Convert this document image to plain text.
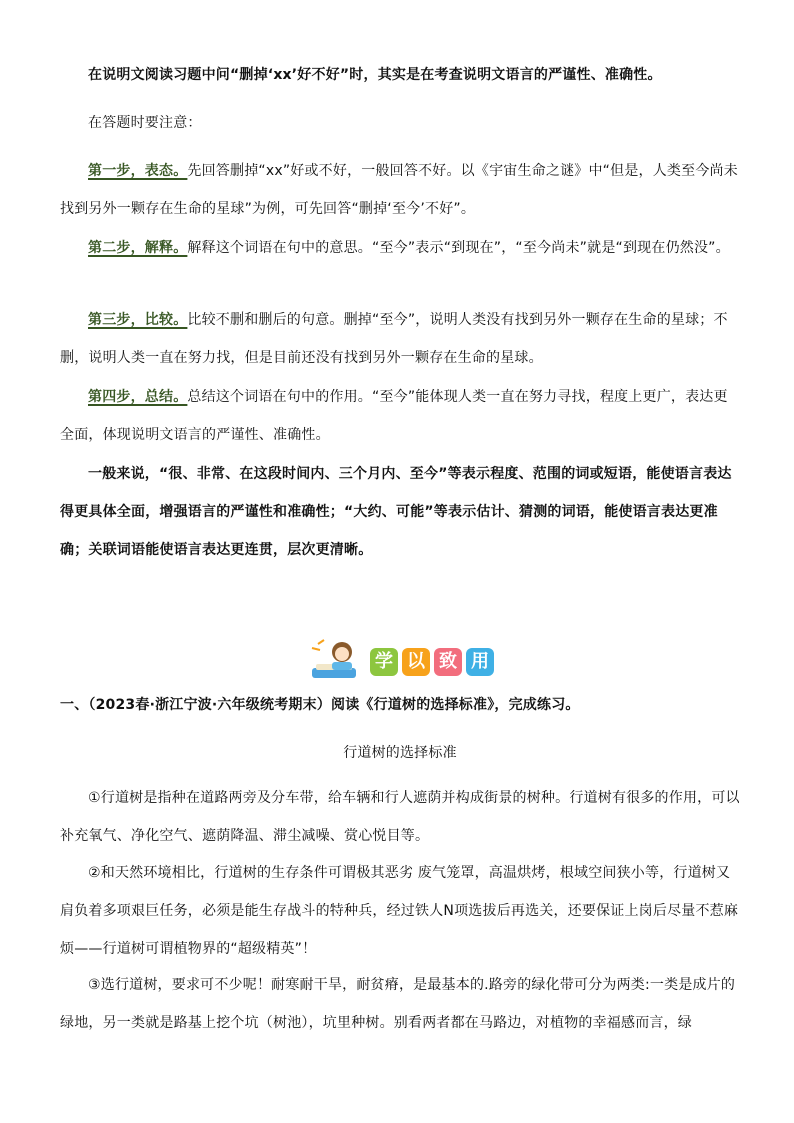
在说明文阅读习题中问“删掉‘xx’好不好”时，其实是在考查说明文语言的严谨性、准确性。
在答题时要注意：
第一步，表态。先回答删掉“xx”好或不好，一般回答不好。以《宇宙生命之谜》中“但是，人类至今尚未找到另外一颗存在生命的星球”为例，可先回答“删掉‘至今’不好”。
第二步，解释。解释这个词语在句中的意思。“至今”表示“到现在”，“至今尚未”就是“到现在仍然没”。
第三步，比较。比较不删和删后的句意。删掉“至今”，说明人类没有找到另外一颗存在生命的星球；不删，说明人类一直在努力找，但是目前还没有找到另外一颗存在生命的星球。
第四步，总结。总结这个词语在句中的作用。“至今”能体现人类一直在努力寻找，程度上更广，表达更全面，体现说明文语言的严谨性、准确性。
一般来说，“很、非常、在这段时间内、三个月内、至今”等表示程度、范围的词或短语，能使语言表达得更具体全面，增强语言的严谨性和准确性；“大约、可能”等表示估计、猜测的词语，能使语言表达更准确；关联词语能使语言表达更连贯，层次更清晰。
学 以 致 用
一、（2023春·浙江宁波·六年级统考期末）阅读《行道树的选择标准》，完成练习。
行道树的选择标准
①行道树是指种在道路两旁及分车带，给车辆和行人遮荫并构成街景的树种。行道树有很多的作用，可以补充氧气、净化空气、遮荫降温、滞尘减噪、赏心悦目等。
②和天然环境相比，行道树的生存条件可谓极其恶劣 废气笼罩，高温烘烤，根域空间狭小等，行道树又肩负着多项艰巨任务，必须是能生存战斗的特种兵，经过铁人N项选拔后再选关，还要保证上岗后尽量不惹麻烦——行道树可谓植物界的“超级精英”！
③选行道树，要求可不少呢！耐寒耐干旱，耐贫瘠，是最基本的.路旁的绿化带可分为两类:一类是成片的绿地，另一类就是路基上挖个坑（树池），坑里种树。别看两者都在马路边，对植物的幸福感而言，绿
